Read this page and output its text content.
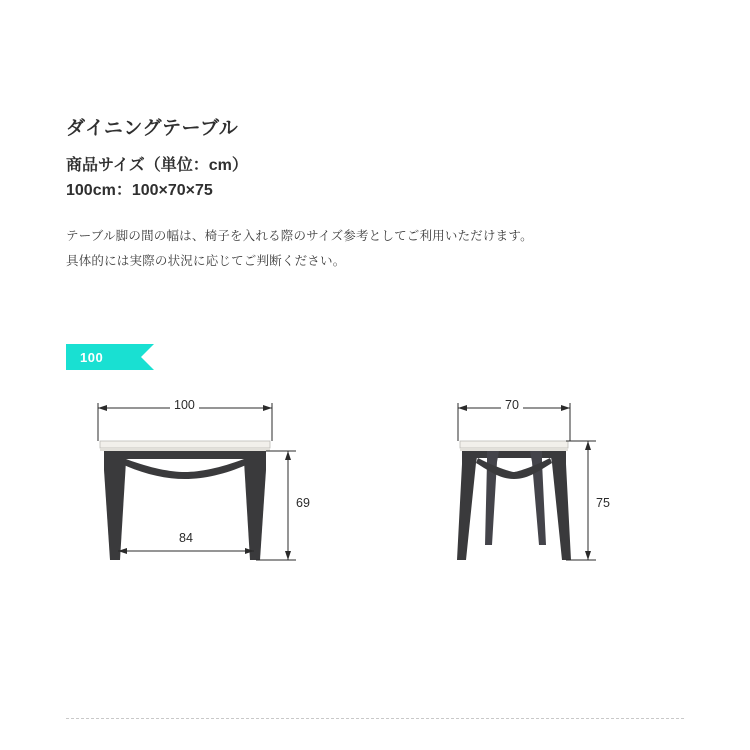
ダイニングテーブル
商品サイズ（単位：cm）
100cm：100×70×75
テーブル脚の間の幅は、椅子を入れる際のサイズ参考としてご利用いただけます。
具体的には実際の状況に応じてご判断ください。
100
100
84
69
70
75
